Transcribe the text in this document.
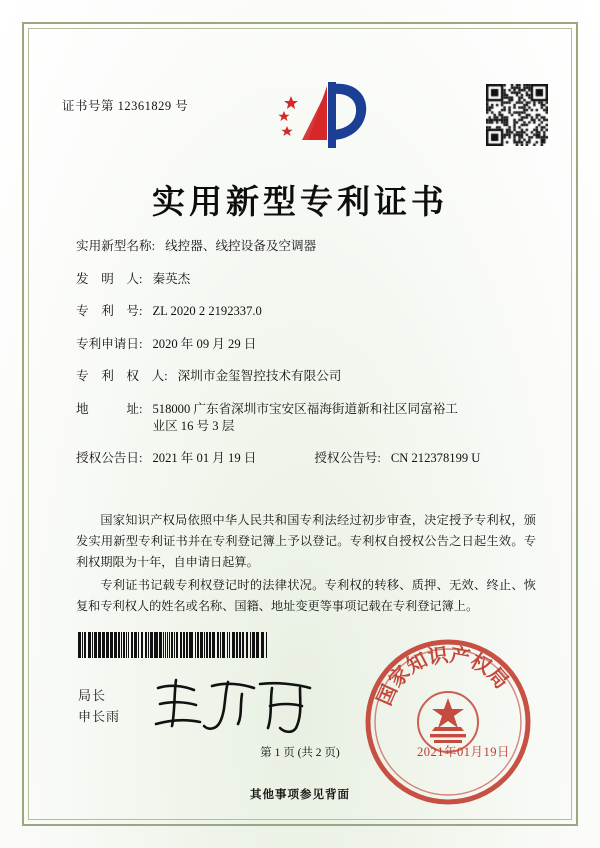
证书号第 12361829 号
实用新型专利证书
实用新型名称 : 线控器、线控设备及空调器
发　明　人 : 秦英杰
专　利　号 : ZL 2020 2 2192337.0
专利申请日 : 2020 年 09 月 29 日
专　利　权　人 : 深圳市金玺智控技术有限公司
地　　　址 : 518000 广东省深圳市宝安区福海街道新和社区同富裕工
业区 16 号 3 层
授权公告日 : 2021 年 01 月 19 日	授权公告号 : CN 212378199 U

国家知识产权局依照中华人民共和国专利法经过初步审查，决定授予专利权，颁发实用新型专利证书并在专利登记簿上予以登记。专利权自授权公告之日起生效。专利权期限为十年，自申请日起算。

专利证书记载专利权登记时的法律状况。专利权的转移、质押、无效、终止、恢复和专利权人的姓名或名称、国籍、地址变更等事项记载在专利登记簿上。

局长
申长雨
国家知识产权局
2021年01月19日
第 1 页 (共 2 页)
其他事项参见背面
